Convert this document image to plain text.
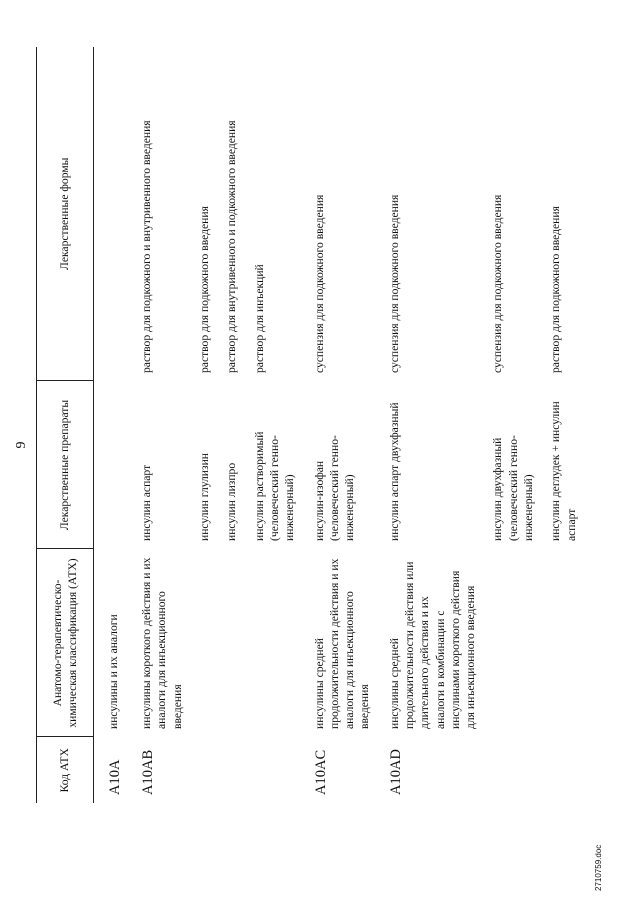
9
Код АТХ	Анатомо-терапевтическо-химическая классификация (АТХ)	Лекарственные препараты	Лекарственные формы
A10A	инсулины и их аналоги		
A10AB	инсулины короткого действия и их аналоги для инъекционного введения	инсулин аспарт	раствор для подкожного и внутривенного введения
		инсулин глулизин	раствор для подкожного введения
		инсулин лизпро	раствор для внутривенного и подкожного введения
		инсулин растворимый (человеческий генно-инженерный)	раствор для инъекций
A10AC	инсулины средней продолжительности действия и их аналоги для инъекционного введения	инсулин-изофан (человеческий генно-инженерный)	суспензия для подкожного введения
A10AD	инсулины средней продолжительности действия или длительного действия и их аналоги в комбинации с инсулинами короткого действия для инъекционного введения	инсулин аспарт двухфазный	суспензия для подкожного введения
		инсулин двухфазный (человеческий генно-инженерный)	суспензия для подкожного введения
		инсулин деглудек + инсулин аспарт	раствор для подкожного введения
2710759.doc
